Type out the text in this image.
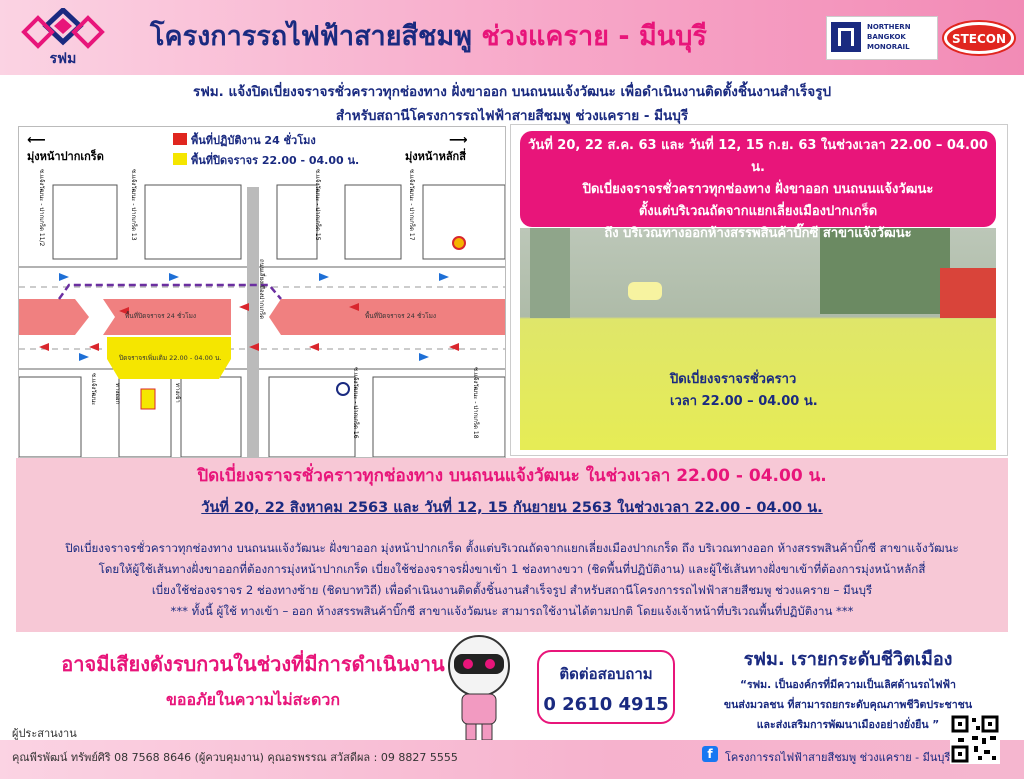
รฟม
โครงการรถไฟฟ้าสายสีชมพู ช่วงแคราย - มีนบุรี	NORTHERN
BANGKOK
MONORAIL
STECON
รฟม. แจ้งปิดเบี่ยงจราจรชั่วคราวทุกช่องทาง ฝั่งขาออก บนถนนแจ้งวัฒนะ เพื่อดำเนินงานติดตั้งชิ้นงานสำเร็จรูป
สำหรับสถานีโครงการรถไฟฟ้าสายสีชมพู ช่วงแคราย - มีนบุรี
พื้นที่ปฏิบัติงาน 24 ชั่วโมง
พื้นที่ปิดจราจร 22.00 - 04.00 น.
⟵
มุ่งหน้าปากเกร็ด
⟶
มุ่งหน้าหลักสี่
ซ.แจ้งวัฒนะ - ปากเกร็ด 11/2	ซ.แจ้งวัฒนะ - ปากเกร็ด 13	ซ.แจ้งวัฒนะ - ปากเกร็ด 15	ซ.แจ้งวัฒนะ - ปากเกร็ด 17
ถนนเลี่ยงเมืองปากเกร็ด
ซ.แจ้งวัฒนะ	ทางออก	ทางเข้า	ซ.แจ้งวัฒนะ - ปากเกร็ด 16	ซ.แจ้งวัฒนะ - ปากเกร็ด 18
พื้นที่ปิดจราจร 24 ชั่วโมง	พื้นที่ปิดจราจร 24 ชั่วโมง
ปิดจราจรเพิ่มเติม 22.00 - 04.00 น.
ปิดเบี่ยงจราจรชั่วคราว
เวลา 22.00 – 04.00 น.
วันที่ 20, 22 ส.ค. 63 และ วันที่ 12, 15 ก.ย. 63 ในช่วงเวลา 22.00 – 04.00 น.
ปิดเบี่ยงจราจรชั่วคราวทุกช่องทาง ฝั่งขาออก บนถนนแจ้งวัฒนะ
ตั้งแต่บริเวณถัดจากแยกเลี่ยงเมืองปากเกร็ด
ถึง บริเวณทางออกห้างสรรพสินค้าบิ๊กซี สาขาแจ้งวัฒนะ
ปิดเบี่ยงจราจรชั่วคราวทุกช่องทาง บนถนนแจ้งวัฒนะ ในช่วงเวลา 22.00 - 04.00 น.
วันที่ 20, 22 สิงหาคม 2563 และ วันที่ 12, 15 กันยายน 2563 ในช่วงเวลา 22.00 - 04.00 น.
ปิดเบี่ยงจราจรชั่วคราวทุกช่องทาง บนถนนแจ้งวัฒนะ ฝั่งขาออก มุ่งหน้าปากเกร็ด ตั้งแต่บริเวณถัดจากแยกเลี่ยงเมืองปากเกร็ด ถึง บริเวณทางออก ห้างสรรพสินค้าบิ๊กซี สาขาแจ้งวัฒนะ
โดยให้ผู้ใช้เส้นทางฝั่งขาออกที่ต้องการมุ่งหน้าปากเกร็ด เบี่ยงใช้ช่องจราจรฝั่งขาเข้า 1 ช่องทางขวา (ชิดพื้นที่ปฏิบัติงาน) และผู้ใช้เส้นทางฝั่งขาเข้าที่ต้องการมุ่งหน้าหลักสี่
เบี่ยงใช้ช่องจราจร 2 ช่องทางซ้าย (ชิดบาทวิถี) เพื่อดำเนินงานติดตั้งชิ้นงานสำเร็จรูป สำหรับสถานีโครงการรถไฟฟ้าสายสีชมพู ช่วงแคราย – มีนบุรี
*** ทั้งนี้ ผู้ใช้ ทางเข้า – ออก ห้างสรรพสินค้าบิ๊กซี สาขาแจ้งวัฒนะ สามารถใช้งานได้ตามปกติ โดยแจ้งเจ้าหน้าที่บริเวณพื้นที่ปฏิบัติงาน ***
อาจมีเสียงดังรบกวนในช่วงที่มีการดำเนินงาน
ขออภัยในความไม่สะดวก
ติดต่อสอบถาม
0 2610 4915
รฟม. เรายกระดับชีวิตเมือง
“รฟม. เป็นองค์กรที่มีความเป็นเลิศด้านรถไฟฟ้า
ขนส่งมวลชน ที่สามารถยกระดับคุณภาพชีวิตประชาชน
และส่งเสริมการพัฒนาเมืองอย่างยั่งยืน ”
ผู้ประสานงาน
คุณพีรพัฒน์ ทรัพย์ศิริ 08 7568 8646 (ผู้ควบคุมงาน) คุณอรพรรณ สวัสดีผล : 09 8827 5555	f	โครงการรถไฟฟ้าสายสีชมพู ช่วงแคราย - มีนบุรี
